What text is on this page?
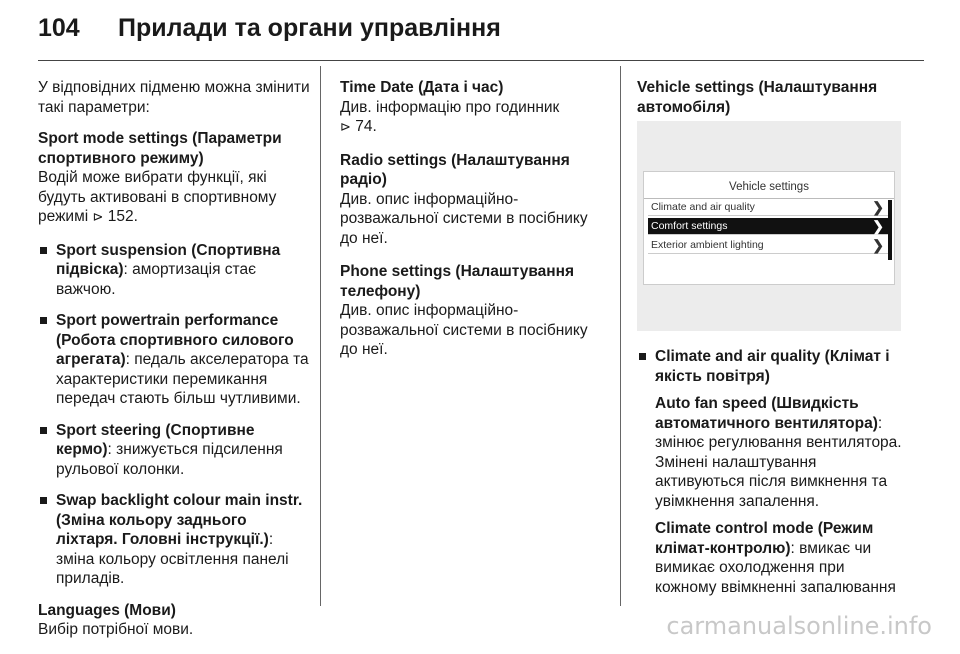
104	Прилади та органи управління

У відповідних підменю можна змінити такі параметри:

Sport mode settings (Параметри спортивного режиму)
Водій може вибрати функції, які будуть активовані в спортивному режимі ⊳ 152.
Sport suspension (Спортивна підвіска): амортизація стає важчою.
Sport powertrain performance (Робота спортивного силового агрегата): педаль акселератора та характеристики перемикання передач стають більш чутливими.
Sport steering (Спортивне кермо): знижується підсилення рульової колонки.
Swap backlight colour main instr. (Зміна кольору заднього ліхтаря. Головні інструкції.): зміна кольору освітлення панелі приладів.
Languages (Мови)
Вибір потрібної мови.
Time Date (Дата і час)
Див. інформацію про годинник
⊳ 74.
Radio settings (Налаштування радіо)
Див. опис інформаційно-розважальної системи в посібнику до неї.
Phone settings (Налаштування телефону)
Див. опис інформаційно-розважальної системи в посібнику до неї.
Vehicle settings (Налаштування автомобіля)
Vehicle settings
Climate and air quality	❯
Comfort settings	❯
Exterior ambient lighting	❯
Climate and air quality (Клімат і якість повітря)
Auto fan speed (Швидкість автоматичного вентилятора): змінює регулювання вентилятора. Змінені налаштування активуються після вимкнення та увімкнення запалення.
Climate control mode (Режим клімат-контролю): вмикає чи вимикає охолодження при кожному ввімкненні запалювання
carmanualsonline.info
